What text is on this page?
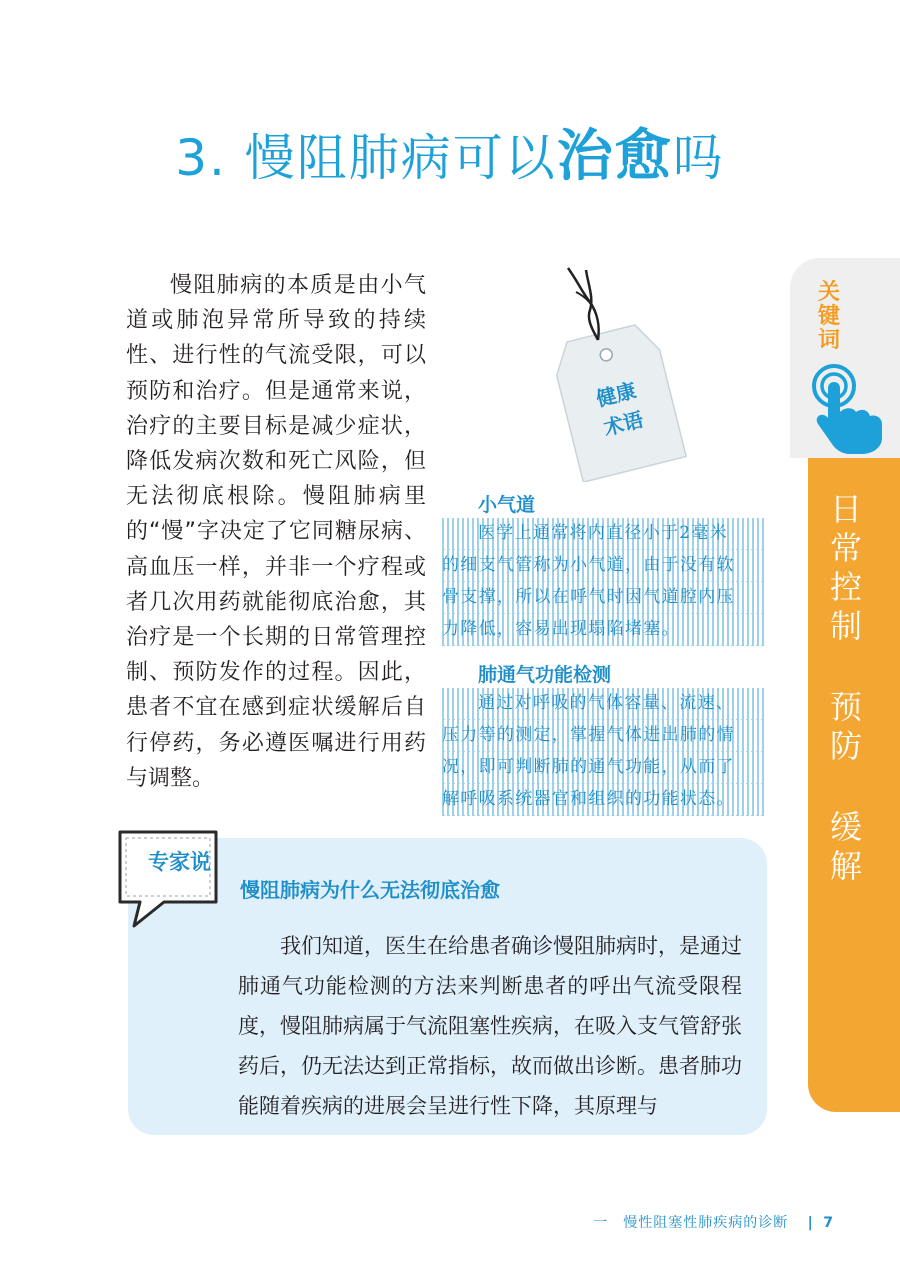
3. 慢阻肺病可以治愈吗

慢阻肺病的本质是由小气道或肺泡异常所导致的持续性、进行性的气流受限，可以预防和治疗。但是通常来说，治疗的主要目标是减少症状，降低发病次数和死亡风险，但无法彻底根除。慢阻肺病里的“慢”字决定了它同糖尿病、高血压一样，并非一个疗程或者几次用药就能彻底治愈，其治疗是一个长期的日常管理控制、预防发作的过程。因此，患者不宜在感到症状缓解后自行停药，务必遵医嘱进行用药与调整。

健康
术语
小气道
医学上通常将内直径小于2毫米
的细支气管称为小气道，由于没有软
骨支撑，所以在呼气时因气道腔内压
力降低，容易出现塌陷堵塞。
肺通气功能检测
通过对呼吸的气体容量、流速、
压力等的测定，掌握气体进出肺的情
况，即可判断肺的通气功能，从而了
解呼吸系统器官和组织的功能状态。
专家说
慢阻肺病为什么无法彻底治愈

我们知道，医生在给患者确诊慢阻肺病时，是通过肺通气功能检测的方法来判断患者的呼出气流受限程度，慢阻肺病属于气流阻塞性疾病，在吸入支气管舒张药后，仍无法达到正常指标，故而做出诊断。患者肺功能随着疾病的进展会呈进行性下降，其原理与

关
键
词
日
常
控
制
预
防
缓
解
一　慢性阻塞性肺疾病的诊断 | 7
